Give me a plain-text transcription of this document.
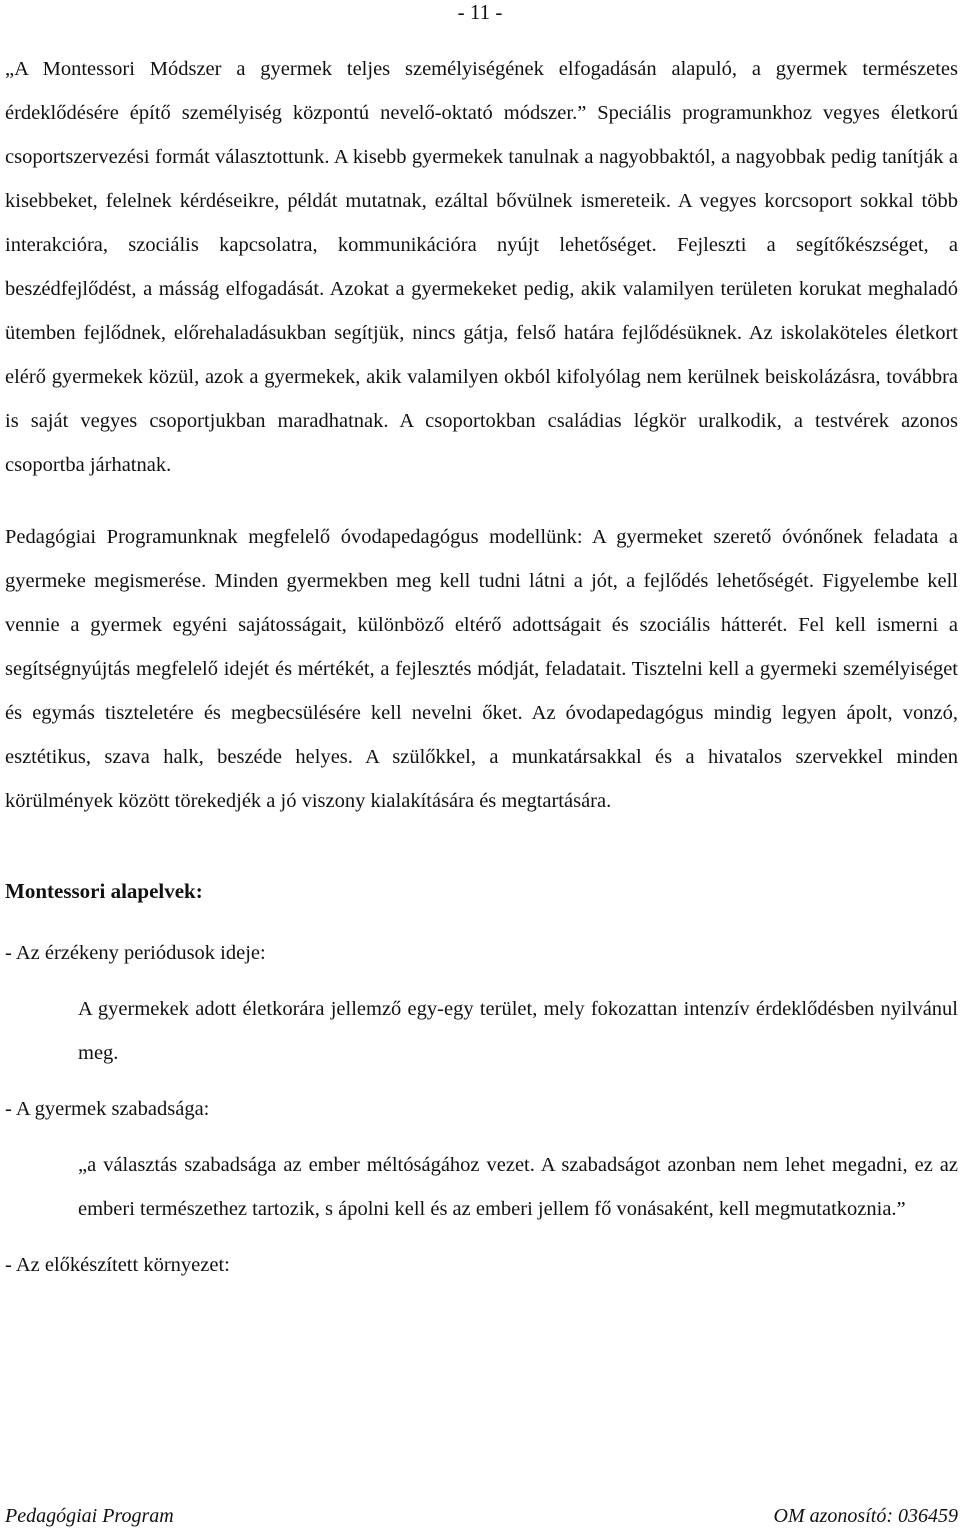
- 11 -

„A Montessori Módszer a gyermek teljes személyiségének elfogadásán alapuló, a gyermek természetes érdeklődésére építő személyiség központú nevelő-oktató módszer.” Speciális programunkhoz vegyes életkorú csoportszervezési formát választottunk. A kisebb gyermekek tanulnak a nagyobbaktól, a nagyobbak pedig tanítják a kisebbeket, felelnek kérdéseikre, példát mutatnak, ezáltal bővülnek ismereteik. A vegyes korcsoport sokkal több interakcióra, szociális kapcsolatra, kommunikációra nyújt lehetőséget. Fejleszti a segítőkészséget, a beszédfejlődést, a másság elfogadását. Azokat a gyermekeket pedig, akik valamilyen területen korukat meghaladó ütemben fejlődnek, előrehaladásukban segítjük, nincs gátja, felső határa fejlődésüknek. Az iskolaköteles életkort elérő gyermekek közül, azok a gyermekek, akik valamilyen okból kifolyólag nem kerülnek beiskolázásra, továbbra is saját vegyes csoportjukban maradhatnak. A csoportokban családias légkör uralkodik, a testvérek azonos csoportba járhatnak.

Pedagógiai Programunknak megfelelő óvodapedagógus modellünk: A gyermeket szerető óvónőnek feladata a gyermeke megismerése. Minden gyermekben meg kell tudni látni a jót, a fejlődés lehetőségét. Figyelembe kell vennie a gyermek egyéni sajátosságait, különböző eltérő adottságait és szociális hátterét. Fel kell ismerni a segítségnyújtás megfelelő idejét és mértékét, a fejlesztés módját, feladatait. Tisztelni kell a gyermeki személyiséget és egymás tiszteletére és megbecsülésére kell nevelni őket. Az óvodapedagógus mindig legyen ápolt, vonzó, esztétikus, szava halk, beszéde helyes. A szülőkkel, a munkatársakkal és a hivatalos szervekkel minden körülmények között törekedjék a jó viszony kialakítására és megtartására.

Montessori alapelvek:

- Az érzékeny periódusok ideje:

A gyermekek adott életkorára jellemző egy-egy terület, mely fokozattan intenzív érdeklődésben nyilvánul meg.

- A gyermek szabadsága:

„a választás szabadsága az ember méltóságához vezet. A szabadságot azonban nem lehet megadni, ez az emberi természethez tartozik, s ápolni kell és az emberi jellem fő vonásaként, kell megmutatkoznia.”

- Az előkészített környezet:

Pedagógiai Program	OM azonosító: 036459
